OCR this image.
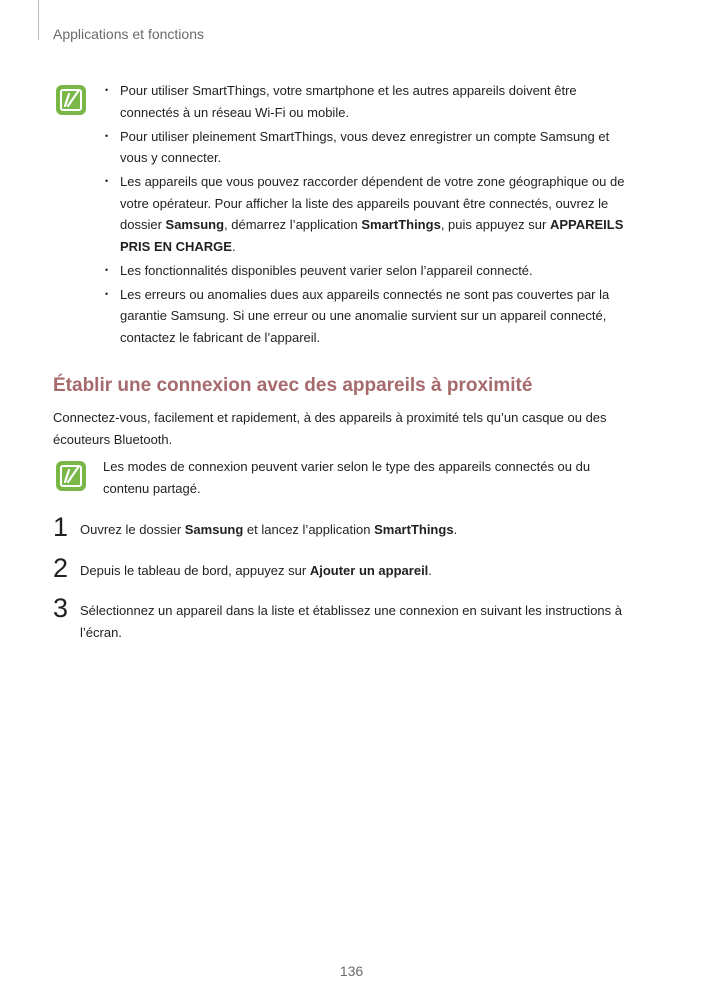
Applications et fonctions
• Pour utiliser SmartThings, votre smartphone et les autres appareils doivent être connectés à un réseau Wi-Fi ou mobile.
• Pour utiliser pleinement SmartThings, vous devez enregistrer un compte Samsung et vous y connecter.
• Les appareils que vous pouvez raccorder dépendent de votre zone géographique ou de votre opérateur. Pour afficher la liste des appareils pouvant être connectés, ouvrez le dossier Samsung, démarrez l’application SmartThings, puis appuyez sur APPAREILS PRIS EN CHARGE.
• Les fonctionnalités disponibles peuvent varier selon l’appareil connecté.
• Les erreurs ou anomalies dues aux appareils connectés ne sont pas couvertes par la garantie Samsung. Si une erreur ou une anomalie survient sur un appareil connecté, contactez le fabricant de l’appareil.
Établir une connexion avec des appareils à proximité

Connectez-vous, facilement et rapidement, à des appareils à proximité tels qu’un casque ou des écouteurs Bluetooth.

Les modes de connexion peuvent varier selon le type des appareils connectés ou du contenu partagé.

1 Ouvrez le dossier Samsung et lancez l’application SmartThings.
2 Depuis le tableau de bord, appuyez sur Ajouter un appareil.
3 Sélectionnez un appareil dans la liste et établissez une connexion en suivant les instructions à l’écran.
136
